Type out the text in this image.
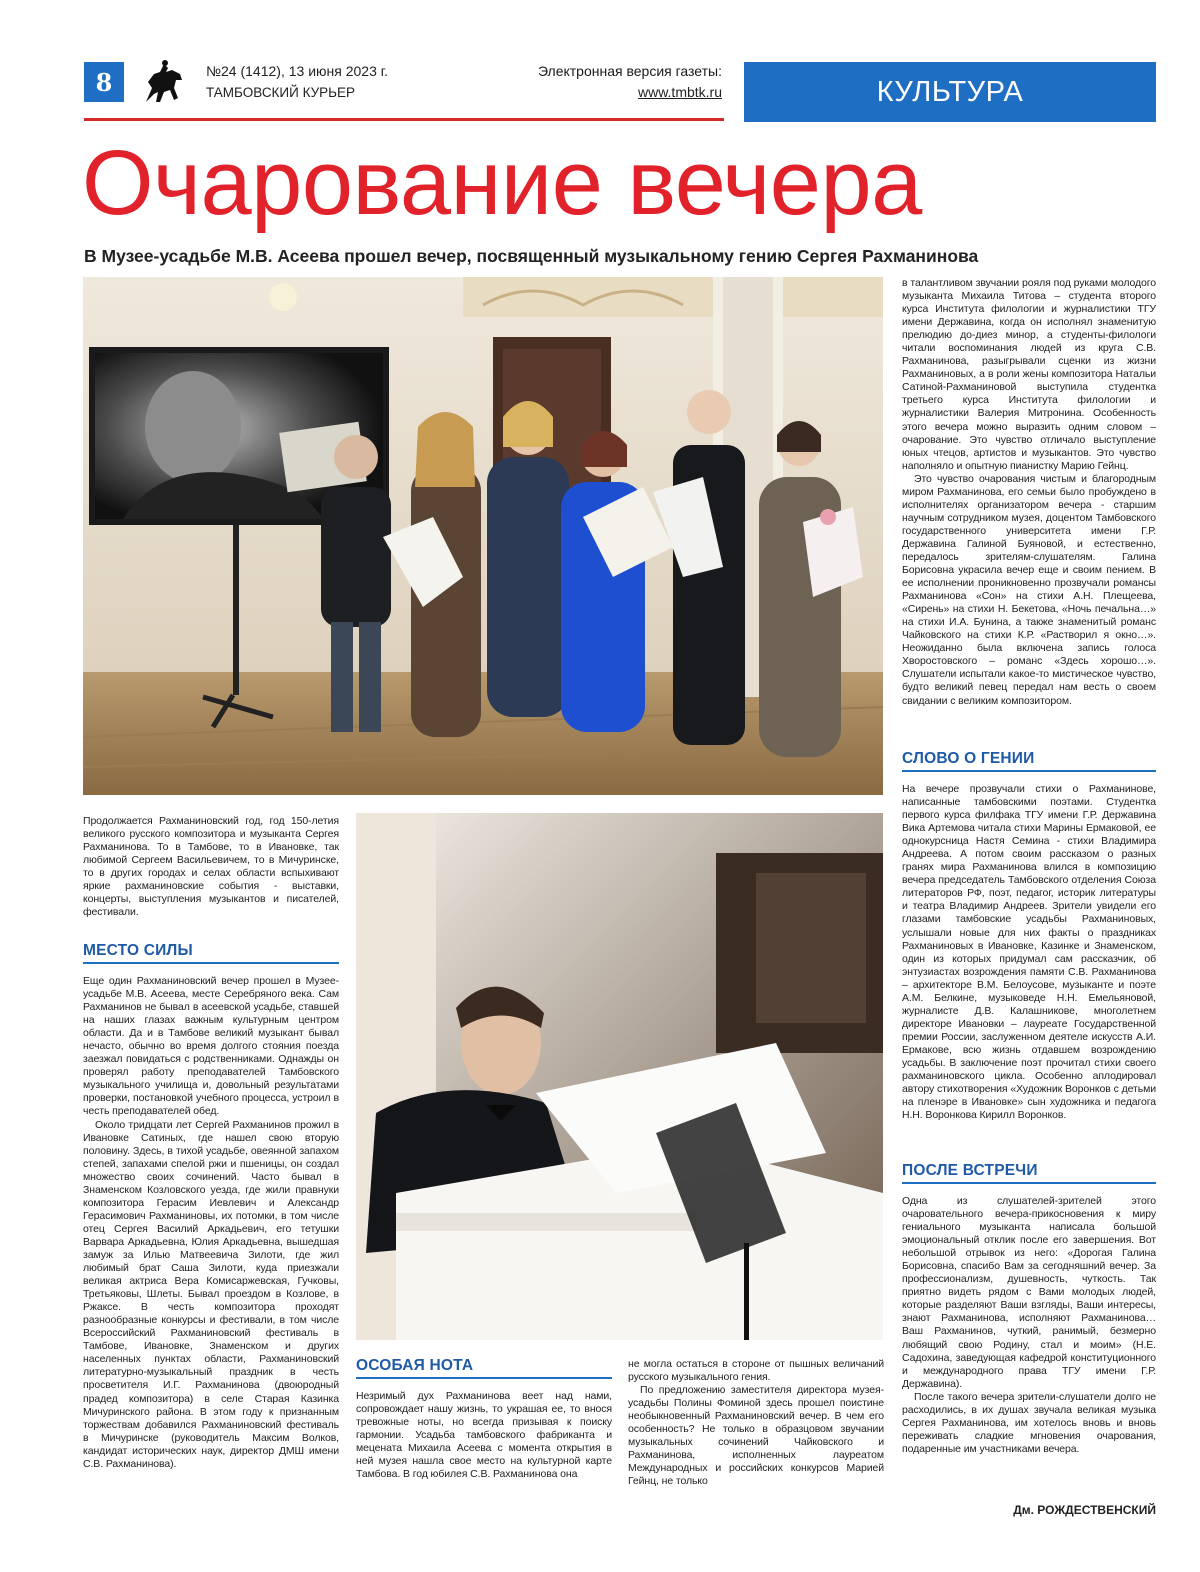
8	№24 (1412), 13 июня 2023 г.
ТАМБОВСКИЙ КУРЬЕР
Электронная версия газеты:
www.tmbtk.ru	КУЛЬТУРА
Очарование вечера
В Музее-усадьбе М.В. Асеева прошел вечер, посвященный музыкальному гению Сергея Рахманинова

Продолжается Рахманиновский год, год 150-летия великого русского композитора и музыканта Сергея Рахманинова. То в Тамбове, то в Ивановке, так любимой Сергеем Васильевичем, то в Мичуринске, то в других городах и селах области вспыхивают яркие рахманиновские события - выставки, концерты, выступления музыкантов и писателей, фестивали.

МЕСТО СИЛЫ

Еще один Рахманиновский вечер прошел в Музее-усадьбе М.В. Асеева, месте Серебряного века. Сам Рахманинов не бывал в асеевской усадьбе, ставшей на наших глазах важным культурным центром области. Да и в Тамбове великий музыкант бывал нечасто, обычно во время долгого стояния поезда заезжал повидаться с родственниками. Однажды он проверял работу преподавателей Тамбовского музыкального училища и, довольный результатами проверки, постановкой учебного процесса, устроил в честь преподавателей обед.

Около тридцати лет Сергей Рахманинов прожил в Ивановке Сатиных, где нашел свою вторую половину. Здесь, в тихой усадьбе, овеянной запахом степей, запахами спелой ржи и пшеницы, он создал множество своих сочинений. Часто бывал в Знаменском Козловского уезда, где жили правнуки композитора Герасим Иевлевич и Александр Герасимович Рахманиновы, их потомки, в том числе отец Сергея Василий Аркадьевич, его тетушки Варвара Аркадьевна, Юлия Аркадьевна, вышедшая замуж за Илью Матвеевича Зилоти, где жил любимый брат Саша Зилоти, куда приезжали великая актриса Вера Комисаржевская, Гучковы, Третьяковы, Шлеты. Бывал проездом в Козлове, в Ржаксе. В честь композитора проходят разнообразные конкурсы и фестивали, в том числе Всероссийский Рахманиновский фестиваль в Тамбове, Ивановке, Знаменском и других населенных пунктах области, Рахманиновский литературно-музыкальный праздник в честь просветителя И.Г. Рахманинова (двоюродный прадед композитора) в селе Старая Казинка Мичуринского района. В этом году к признанным торжествам добавился Рахманиновский фестиваль в Мичуринске (руководитель Максим Волков, кандидат исторических наук, директор ДМШ имени С.В. Рахманинова).

ОСОБАЯ НОТА

Незримый дух Рахманинова веет над нами, сопровождает нашу жизнь, то украшая ее, то внося тревожные ноты, но всегда призывая к поиску гармонии. Усадьба тамбовского фабриканта и мецената Михаила Асеева с момента открытия в ней музея нашла свое место на культурной карте Тамбова. В год юбилея С.В. Рахманинова она

не могла остаться в стороне от пышных величаний русского музыкального гения.

По предложению заместителя директора музея-усадьбы Полины Фоминой здесь прошел поистине необыкновенный Рахманиновский вечер. В чем его особенность? Не только в образцовом звучании музыкальных сочинений Чайковского и Рахманинова, исполненных лауреатом Международных и российских конкурсов Марией Гейнц, не только

в талантливом звучании рояля под руками молодого музыканта Михаила Титова – студента второго курса Института филологии и журналистики ТГУ имени Державина, когда он исполнял знаменитую прелюдию до-диез минор, а студенты-филологи читали воспоминания людей из круга С.В. Рахманинова, разыгрывали сценки из жизни Рахманиновых, а в роли жены композитора Натальи Сатиной-Рахманиновой выступила студентка третьего курса Института филологии и журналистики Валерия Митронина. Особенность этого вечера можно выразить одним словом – очарование. Это чувство отличало выступление юных чтецов, артистов и музыкантов. Это чувство наполняло и опытную пианистку Марию Гейнц.

Это чувство очарования чистым и благородным миром Рахманинова, его семьи было пробуждено в исполнителях организатором вечера - старшим научным сотрудником музея, доцентом Тамбовского государственного университета имени Г.Р. Державина Галиной Буяновой, и естественно, передалось зрителям-слушателям. Галина Борисовна украсила вечер еще и своим пением. В ее исполнении проникновенно прозвучали романсы Рахманинова «Сон» на стихи А.Н. Плещеева, «Сирень» на стихи Н. Бекетова, «Ночь печальна…» на стихи И.А. Бунина, а также знаменитый романс Чайковского на стихи К.Р. «Растворил я окно…». Неожиданно была включена запись голоса Хворостовского – романс «Здесь хорошо…». Слушатели испытали какое-то мистическое чувство, будто великий певец передал нам весть о своем свидании с великим композитором.

СЛОВО О ГЕНИИ

На вечере прозвучали стихи о Рахманинове, написанные тамбовскими поэтами. Студентка первого курса филфака ТГУ имени Г.Р. Державина Вика Артемова читала стихи Марины Ермаковой, ее однокурсница Настя Семина - стихи Владимира Андреева. А потом своим рассказом о разных гранях мира Рахманинова влился в композицию вечера председатель Тамбовского отделения Союза литераторов РФ, поэт, педагог, историк литературы и театра Владимир Андреев. Зрители увидели его глазами тамбовские усадьбы Рахманиновых, услышали новые для них факты о праздниках Рахманиновых в Ивановке, Казинке и Знаменском, один из которых придумал сам рассказчик, об энтузиастах возрождения памяти С.В. Рахманинова – архитекторе В.М. Белоусове, музыканте и поэте А.М. Белкине, музыковеде Н.Н. Емельяновой, журналисте Д.В. Калашникове, многолетнем директоре Ивановки – лауреате Государственной премии России, заслуженном деятеле искусств А.И. Ермакове, всю жизнь отдавшем возрождению усадьбы. В заключение поэт прочитал стихи своего рахманиновского цикла. Особенно аплодировал автору стихотворения «Художник Воронков с детьми на пленэре в Ивановке» сын художника и педагога Н.Н. Воронкова Кирилл Воронков.

ПОСЛЕ ВСТРЕЧИ

Одна из слушателей-зрителей этого очаровательного вечера-прикосновения к миру гениального музыканта написала большой эмоциональный отклик после его завершения. Вот небольшой отрывок из него: «Дорогая Галина Борисовна, спасибо Вам за сегодняшний вечер. За профессионализм, душевность, чуткость. Так приятно видеть рядом с Вами молодых людей, которые разделяют Ваши взгляды, Ваши интересы, знают Рахманинова, исполняют Рахманинова… Ваш Рахманинов, чуткий, ранимый, безмерно любящий свою Родину, стал и моим» (Н.Е. Садохина, заведующая кафедрой конституционного и международного права ТГУ имени Г.Р. Державина).

После такого вечера зрители-слушатели долго не расходились, в их душах звучала великая музыка Сергея Рахманинова, им хотелось вновь и вновь переживать сладкие мгновения очарования, подаренные им участниками вечера.

Дм. РОЖДЕСТВЕНСКИЙ
